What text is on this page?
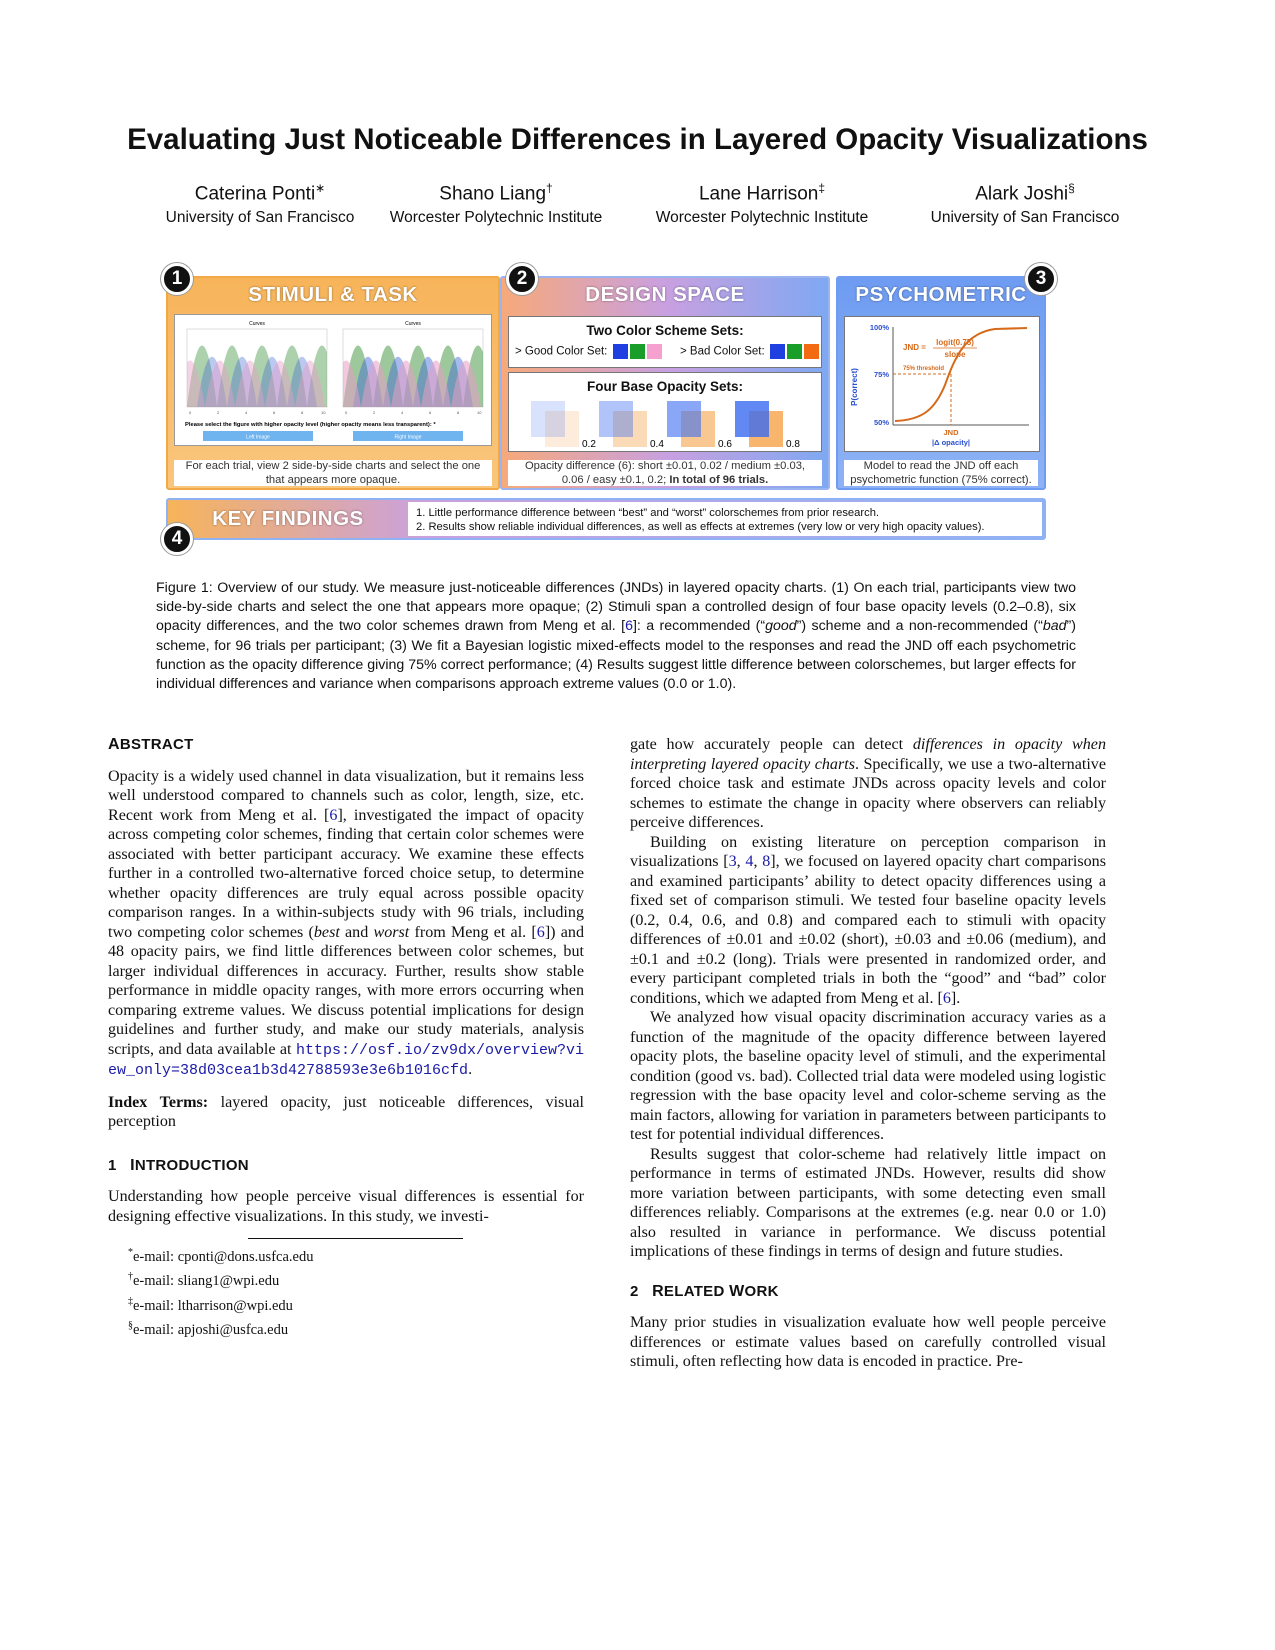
Evaluating Just Noticeable Differences in Layered Opacity Visualizations
Caterina Ponti∗
University of San Francisco
Shano Liang†
Worcester Polytechnic Institute
Lane Harrison‡
Worcester Polytechnic Institute
Alark Joshi§
University of San Francisco
STIMULI & TASK
Curves	Curves
0	2	4	6	8	10	0	2	4	6	8	10
Please select the figure with higher opacity level (higher opacity means less transparent): *
Left Image	Right Image
For each trial, view 2 side-by-side charts and select the one that appears more opaque.
1
DESIGN SPACE
Two Color Scheme Sets:
> Good Color Set:	> Bad Color Set:
Four Base Opacity Sets:
0.2	0.4	0.6	0.8
Opacity difference (6): short ±0.01, 0.02 / medium ±0.03,
0.06 / easy ±0.1, 0.2; In total of 96 trials.
2
PSYCHOMETRIC
P(correct)
100%
75%
50%
JND =
logit(0.75)
slope
75% threshold
JND
|Δ opacity|
Model to read the JND off each psychometric function (75% correct).
3
KEY FINDINGS	1. Little performance difference between “best” and “worst” colorschemes from prior research.
2. Results show reliable individual differences, as well as effects at extremes (very low or very high opacity values).
4
Figure 1: Overview of our study. We measure just-noticeable differences (JNDs) in layered opacity charts. (1) On each trial, participants view two side-by-side charts and select the one that appears more opaque; (2) Stimuli span a controlled design of four base opacity levels (0.2–0.8), six opacity differences, and the two color schemes drawn from Meng et al. [6]: a recommended (“good”) scheme and a non-recommended (“bad”) scheme, for 96 trials per participant; (3) We fit a Bayesian logistic mixed-effects model to the responses and read the JND off each psychometric function as the opacity difference giving 75% correct performance; (4) Results suggest little difference between colorschemes, but larger effects for individual differences and variance when comparisons approach extreme values (0.0 or 1.0).
ABSTRACT

Opacity is a widely used channel in data visualization, but it remains less well understood compared to channels such as color, length, size, etc. Recent work from Meng et al. [6], investigated the impact of opacity across competing color schemes, finding that certain color schemes were associated with better participant accuracy. We examine these effects further in a controlled two-alternative forced choice setup, to determine whether opacity differences are truly equal across possible opacity comparison ranges. In a within-subjects study with 96 trials, including two competing color schemes (best and worst from Meng et al. [6]) and 48 opacity pairs, we find little differences between color schemes, but larger individual differences in accuracy. Further, results show stable performance in middle opacity ranges, with more errors occurring when comparing extreme values. We discuss potential implications for design guidelines and further study, and make our study materials, analysis scripts, and data available at https://osf.io/zv9dx/overview?view_only=38d03cea1b3d42788593e3e6b1016cfd.

Index Terms: layered opacity, just noticeable differences, visual perception

1 INTRODUCTION

Understanding how people perceive visual differences is essential for designing effective visualizations. In this study, we investi-

*e-mail: cponti@dons.usfca.edu
†e-mail: sliang1@wpi.edu
‡e-mail: ltharrison@wpi.edu
§e-mail: apjoshi@usfca.edu

gate how accurately people can detect differences in opacity when interpreting layered opacity charts. Specifically, we use a two-alternative forced choice task and estimate JNDs across opacity levels and color schemes to estimate the change in opacity where observers can reliably perceive differences.

Building on existing literature on perception comparison in visualizations [3, 4, 8], we focused on layered opacity chart comparisons and examined participants’ ability to detect opacity differences using a fixed set of comparison stimuli. We tested four baseline opacity levels (0.2, 0.4, 0.6, and 0.8) and compared each to stimuli with opacity differences of ±0.01 and ±0.02 (short), ±0.03 and ±0.06 (medium), and ±0.1 and ±0.2 (long). Trials were presented in randomized order, and every participant completed trials in both the “good” and “bad” color conditions, which we adapted from Meng et al. [6].

We analyzed how visual opacity discrimination accuracy varies as a function of the magnitude of the opacity difference between layered opacity plots, the baseline opacity level of stimuli, and the experimental condition (good vs. bad). Collected trial data were modeled using logistic regression with the base opacity level and color-scheme serving as the main factors, allowing for variation in parameters between participants to test for potential individual differences.

Results suggest that color-scheme had relatively little impact on performance in terms of estimated JNDs. However, results did show more variation between participants, with some detecting even small differences reliably. Comparisons at the extremes (e.g. near 0.0 or 1.0) also resulted in variance in performance. We discuss potential implications of these findings in terms of design and future studies.

2 RELATED WORK

Many prior studies in visualization evaluate how well people perceive differences or estimate values based on carefully controlled visual stimuli, often reflecting how data is encoded in practice. Pre-
